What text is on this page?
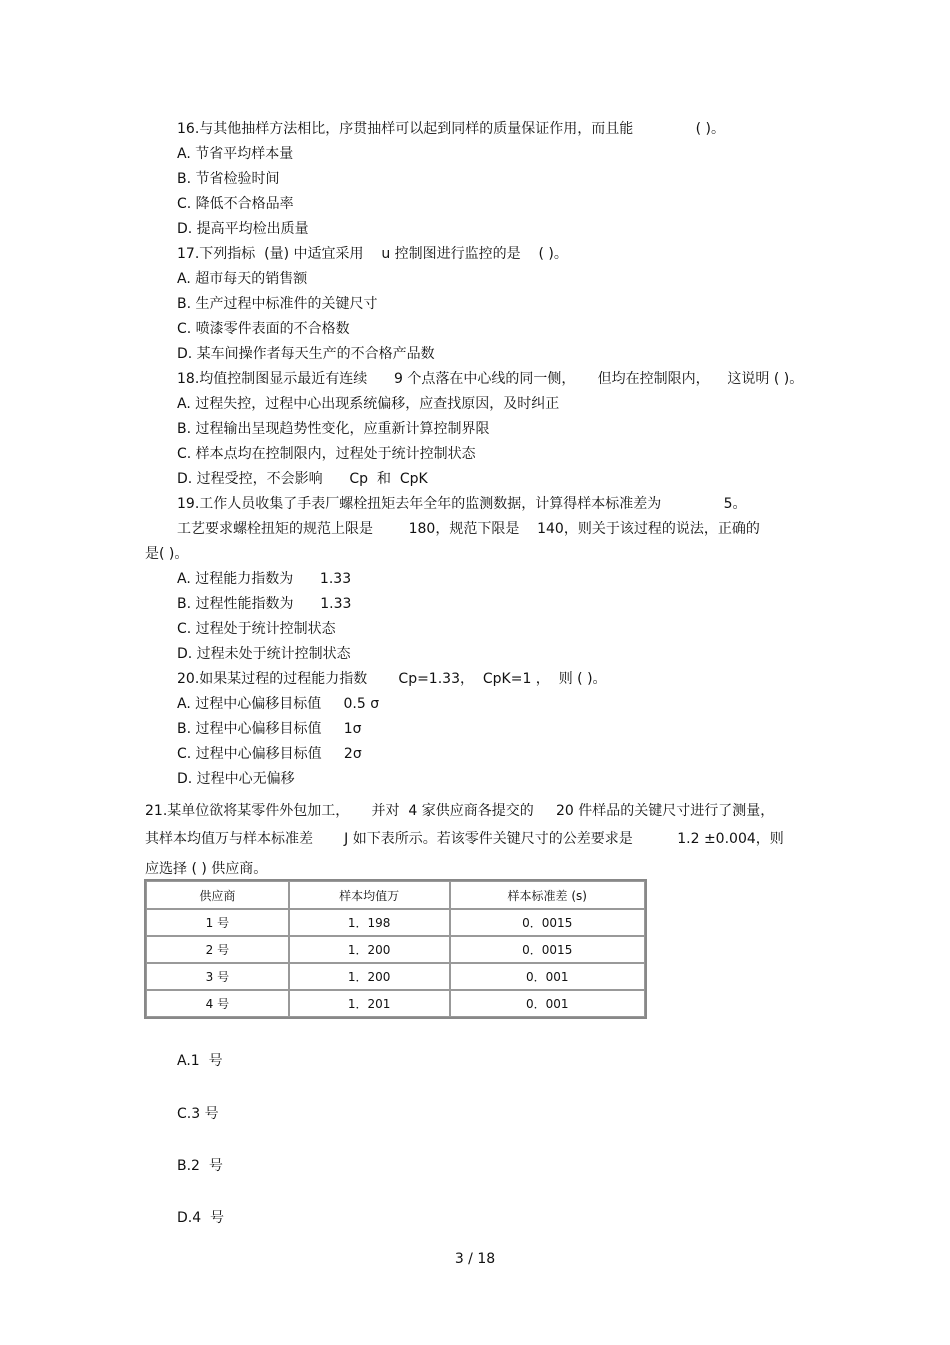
16.与其他抽样方法相比，序贯抽样可以起到同样的质量保证作用，而且能              ( )。
A. 节省平均样本量
B. 节省检验时间
C. 降低不合格品率
D. 提高平均检出质量
17.下列指标  (量) 中适宜采用    u 控制图进行监控的是    ( )。
A. 超市每天的销售额
B. 生产过程中标准件的关键尺寸
C. 喷漆零件表面的不合格数
D. 某车间操作者每天生产的不合格产品数
18.均值控制图显示最近有连续      9 个点落在中心线的同一侧，     但均在控制限内，    这说明 ( )。
A. 过程失控，过程中心出现系统偏移，应查找原因，及时纠正
B. 过程输出呈现趋势性变化，应重新计算控制界限
C. 样本点均在控制限内，过程处于统计控制状态
D. 过程受控，不会影响      Cp  和  CpK
19.工作人员收集了手表厂螺栓扭矩去年全年的监测数据，计算得样本标准差为              5。
工艺要求螺栓扭矩的规范上限是        180，规范下限是    140，则关于该过程的说法，正确的
是( )。
A. 过程能力指数为      1.33
B. 过程性能指数为      1.33
C. 过程处于统计控制状态
D. 过程未处于统计控制状态
20.如果某过程的过程能力指数       Cp=1.33，  CpK=1 ，  则 ( )。
A. 过程中心偏移目标值     0.5 σ
B. 过程中心偏移目标值     1σ
C. 过程中心偏移目标值     2σ
D. 过程中心无偏移
21.某单位欲将某零件外包加工，     并对  4 家供应商各提交的     20 件样品的关键尺寸进行了测量，
其样本均值万与样本标准差       J 如下表所示。若该零件关键尺寸的公差要求是          1.2 ±0.004，则
应选择 ( ) 供应商。
供应商	样本均值万	样本标准差 (s)
1 号	1．198	0．0015
2 号	1．200	0．0015
3 号	1．200	0．001
4 号	1．201	0．001
A.1  号
C.3 号
B.2  号
D.4  号
3 / 18
